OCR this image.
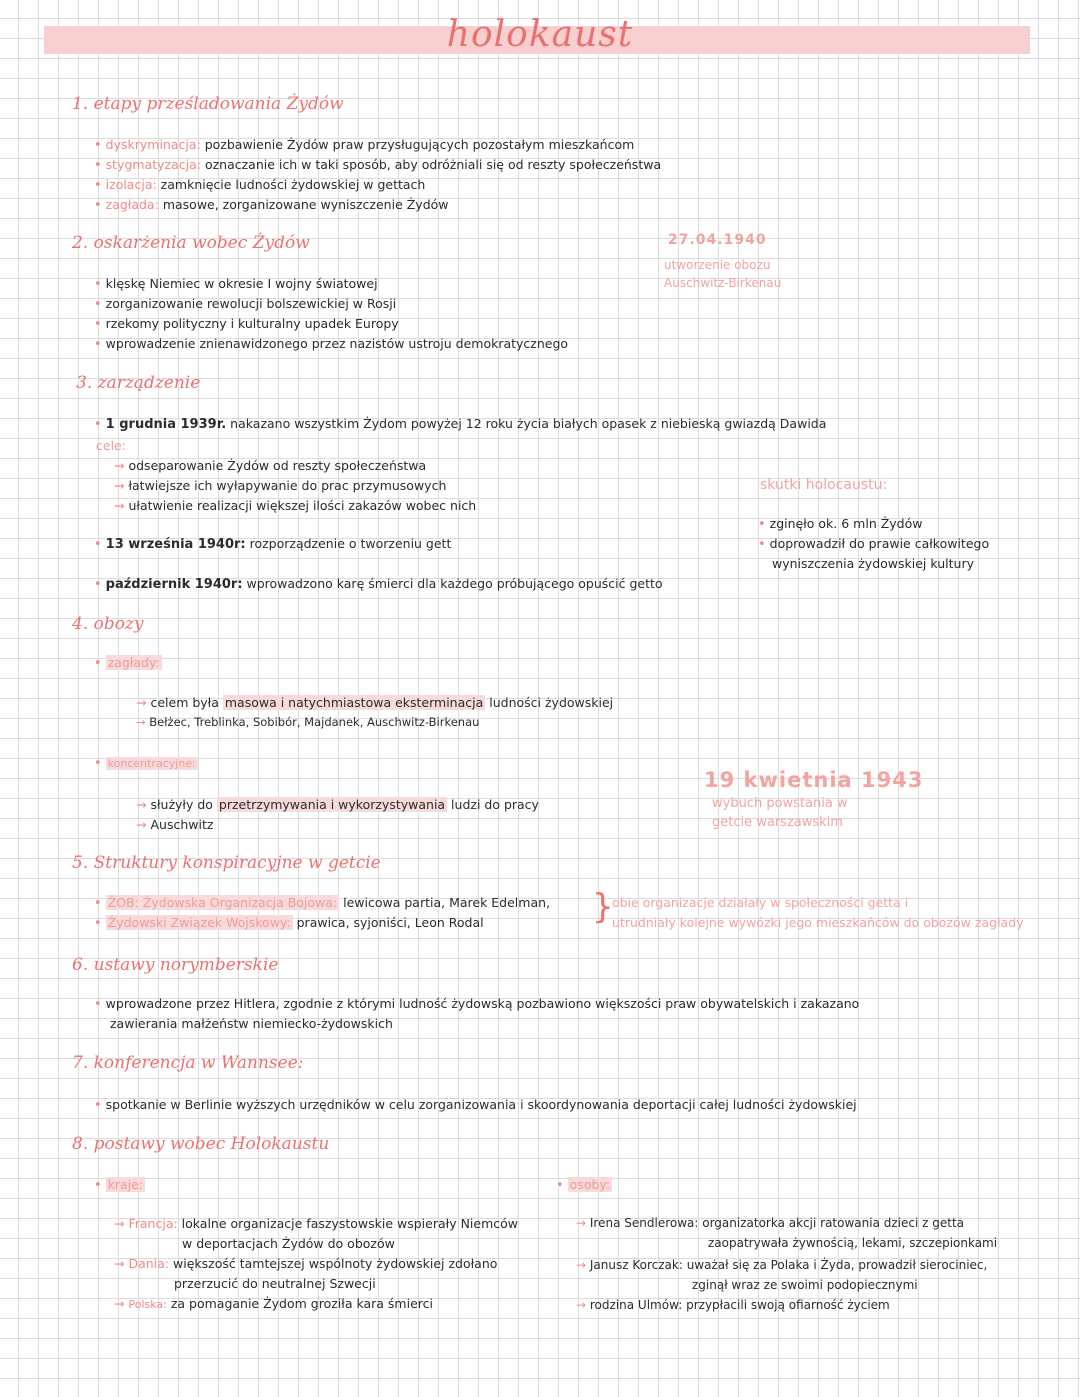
holokaust
1. etapy prześladowania Żydów
• dyskryminacja: pozbawienie Żydów praw przysługujących pozostałym mieszkańcom
• stygmatyzacja: oznaczanie ich w taki sposób, aby odróżniali się od reszty społeczeństwa
• izolacja: zamknięcie ludności żydowskiej w gettach
• zagłada: masowe, zorganizowane wyniszczenie Żydów
2. oskarżenia wobec Żydów
• klęskę Niemiec w okresie I wojny światowej
• zorganizowanie rewolucji bolszewickiej w Rosji
• rzekomy polityczny i kulturalny upadek Europy
• wprowadzenie znienawidzonego przez nazistów ustroju demokratycznego
27.04.1940
utworzenie obozu
Auschwitz-Birkenau
3. zarządzenie
• 1 grudnia 1939r. nakazano wszystkim Żydom powyżej 12 roku życia białych opasek z niebieską gwiazdą Dawida
cele:
→ odseparowanie Żydów od reszty społeczeństwa
→ łatwiejsze ich wyłapywanie do prac przymusowych
→ ułatwienie realizacji większej ilości zakazów wobec nich
• 13 września 1940r: rozporządzenie o tworzeniu gett
• październik 1940r: wprowadzono karę śmierci dla każdego próbującego opuścić getto
skutki holocaustu:
• zginęło ok. 6 mln Żydów
• doprowadził do prawie całkowitego
wyniszczenia żydowskiej kultury
4. obozy
• zagłady:
→ celem była masowa i natychmiastowa eksterminacja ludności żydowskiej
→ Bełżec, Treblinka, Sobibór, Majdanek, Auschwitz-Birkenau
• koncentracyjne:
→ służyły do przetrzymywania i wykorzystywania ludzi do pracy
→ Auschwitz
19 kwietnia 1943
wybuch powstania w
getcie warszawskim
5. Struktury konspiracyjne w getcie
• ŻOB: Żydowska Organizacja Bojowa: lewicowa partia, Marek Edelman,
• Żydowski Związek Wojskowy: prawica, syjoniści, Leon Rodal	}
obie organizacje działały w społeczności getta i
utrudniały kolejne wywózki jego mieszkańców do obozów zagłady
6. ustawy norymberskie
• wprowadzone przez Hitlera, zgodnie z którymi ludność żydowską pozbawiono większości praw obywatelskich i zakazano
zawierania małżeństw niemiecko-żydowskich
7. konferencja w Wannsee:
• spotkanie w Berlinie wyższych urzędników w celu zorganizowania i skoordynowania deportacji całej ludności żydowskiej
8. postawy wobec Holokaustu
• kraje:
→ Francja: lokalne organizacje faszystowskie wspierały Niemców
w deportacjach Żydów do obozów
→ Dania: większość tamtejszej wspólnoty żydowskiej zdołano
przerzucić do neutralnej Szwecji
→ Polska: za pomaganie Żydom groziła kara śmierci
• osoby:
→ Irena Sendlerowa: organizatorka akcji ratowania dzieci z getta
zaopatrywała żywnością, lekami, szczepionkami
→ Janusz Korczak: uważał się za Polaka i Żyda, prowadził sierociniec,
zginął wraz ze swoimi podopiecznymi
→ rodzina Ulmów: przypłacili swoją ofiarność życiem
